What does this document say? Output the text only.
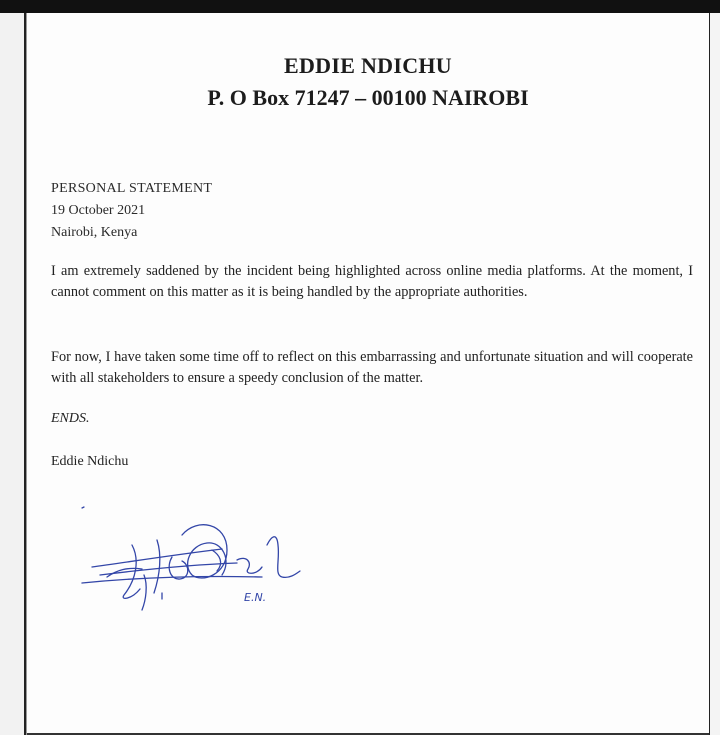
EDDIE NDICHU
P. O Box 71247 – 00100 NAIROBI
PERSONAL STATEMENT
19 October 2021
Nairobi, Kenya
I am extremely saddened by the incident being highlighted across online media platforms. At the moment, I cannot comment on this matter as it is being handled by the appropriate authorities.
For now, I have taken some time off to reflect on this embarrassing and unfortunate situation and will cooperate with all stakeholders to ensure a speedy conclusion of the matter.
ENDS.
Eddie Ndichu
E.N.
